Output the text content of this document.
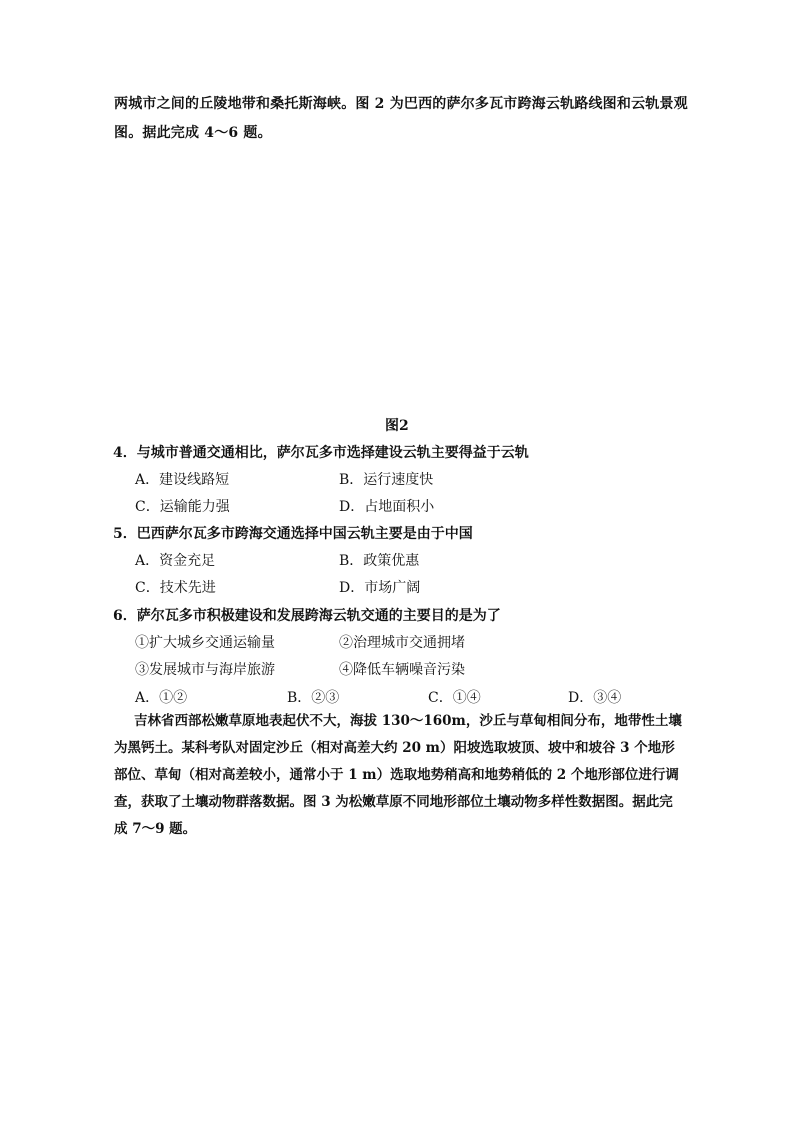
两城市之间的丘陵地带和桑托斯海峡。图 2 为巴西的萨尔多瓦市跨海云轨路线图和云轨景观
图。据此完成 4～6 题。
图2
4．与城市普通交通相比，萨尔瓦多市选择建设云轨主要得益于云轨
A．建设线路短	B．运行速度快
C．运输能力强	D．占地面积小
5．巴西萨尔瓦多市跨海交通选择中国云轨主要是由于中国
A．资金充足	B．政策优惠
C．技术先进	D．市场广阔
6．萨尔瓦多市积极建设和发展跨海云轨交通的主要目的是为了
①扩大城乡交通运输量	②治理城市交通拥堵
③发展城市与海岸旅游	④降低车辆噪音污染
A．①②	B．②③	C．①④	D．③④
吉林省西部松嫩草原地表起伏不大，海拔 130～160m，沙丘与草甸相间分布，地带性土壤
为黑钙土。某科考队对固定沙丘（相对高差大约 20 m）阳坡选取坡顶、坡中和坡谷 3 个地形
部位、草甸（相对高差较小，通常小于 1 m）选取地势稍高和地势稍低的 2 个地形部位进行调
查，获取了土壤动物群落数据。图 3 为松嫩草原不同地形部位土壤动物多样性数据图。据此完
成 7～9 题。
